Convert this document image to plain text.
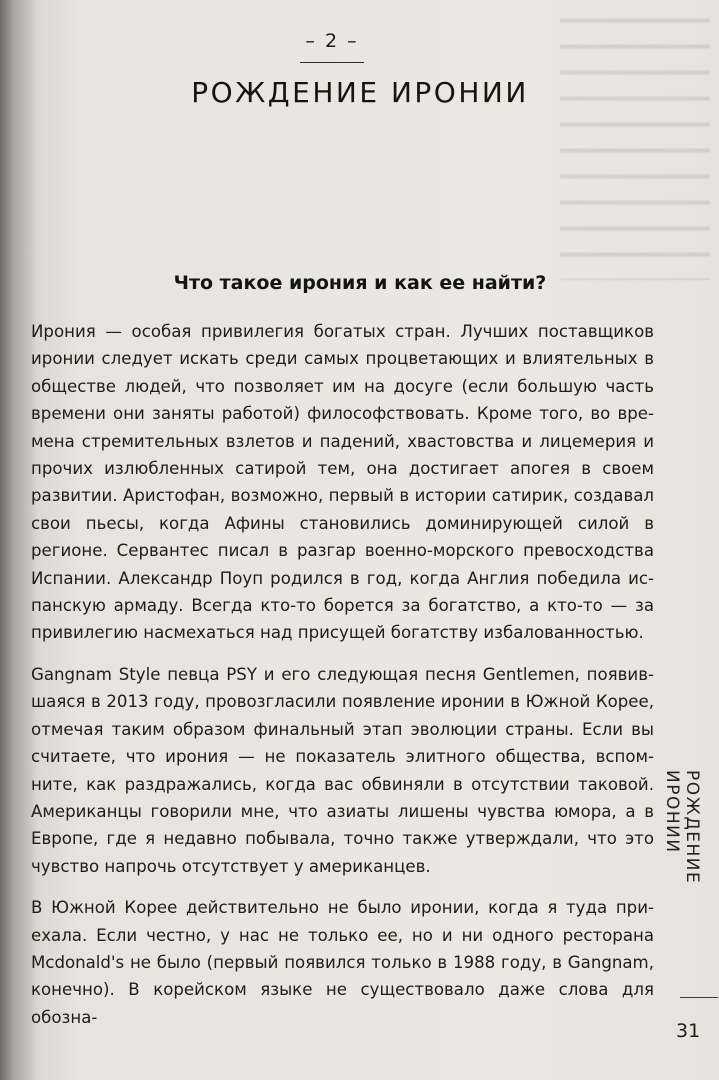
– 2 –
РОЖДЕНИЕ ИРОНИИ
Что такое ирония и как ее найти?

Ирония — особая привилегия богатых стран. Лучших поставщиков иронии следует искать среди самых процветающих и влиятельных в обществе людей, что позволяет им на досуге (если большую часть времени они заняты работой) философствовать. Кроме того, во времена стремительных взлетов и падений, хвастовства и лицемерия и прочих излюбленных сатирой тем, она достигает апогея в своем развитии. Аристофан, возможно, первый в истории сатирик, создавал свои пьесы, когда Афины становились доминирующей силой в регионе. Сервантес писал в разгар военно-морского превосходства Испании. Александр Поуп родился в год, когда Англия победила испанскую армаду. Всегда кто-то борется за богатство, а кто-то — за привилегию насмехаться над присущей богатству избалованностью.

Gangnam Style певца PSY и его следующая песня Gentlemen, появившаяся в 2013 году, провозгласили появление иронии в Южной Корее, отмечая таким образом финальный этап эволюции страны. Если вы считаете, что ирония — не показатель элитного общества, вспомните, как раздражались, когда вас обвиняли в отсутствии таковой. Американцы говорили мне, что азиаты лишены чувства юмора, а в Европе, где я недавно побывала, точно также утверждали, что это чувство напрочь отсутствует у американцев.

В Южной Корее действительно не было иронии, когда я туда приехала. Если честно, у нас не только ее, но и ни одного ресторана Mcdonald's не было (первый появился только в 1988 году, в Gangnam, конечно). В корейском языке не существовало даже слова для обозна-

РОЖДЕНИЕ ИРОНИИ
31
